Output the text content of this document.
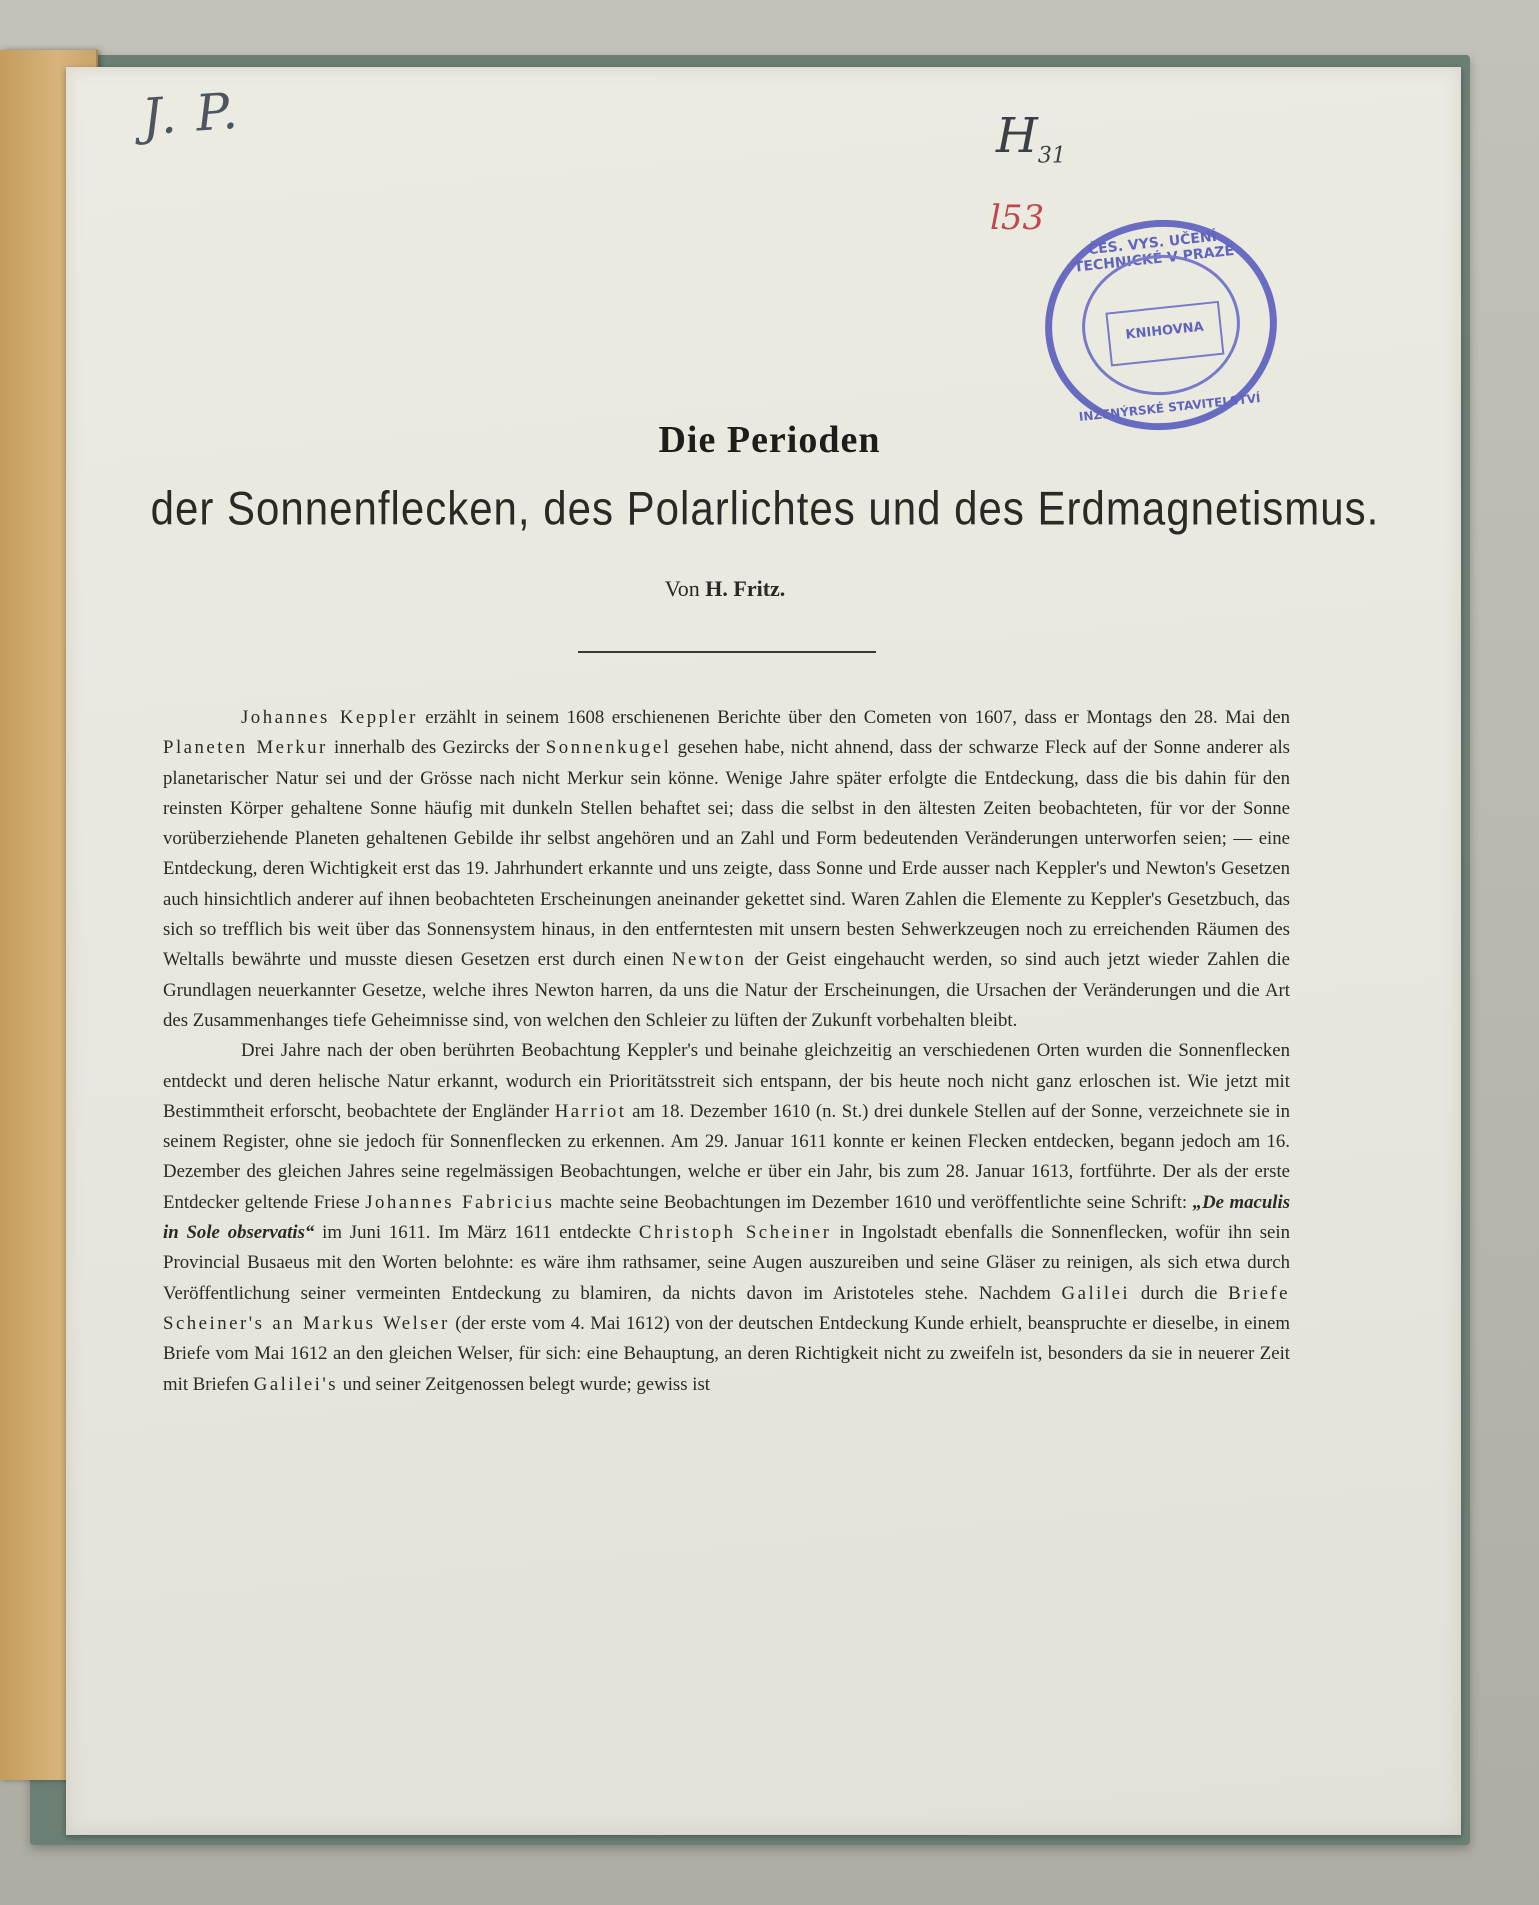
J. P.	$H_{31}$
l53
ČES. VYS. UČENÍ TECHNICKÉ V PRAZE
KNIHOVNA
INŽENÝRSKÉ STAVITELSTVÍ
Die Perioden
der Sonnenflecken, des Polarlichtes und des Erdmagnetismus.
Von H. Fritz.

Johannes Keppler erzählt in seinem 1608 erschienenen Berichte über den Cometen von 1607, dass er Montags den 28. Mai den Planeten Merkur innerhalb des Gezircks der Sonnenkugel gesehen habe, nicht ahnend, dass der schwarze Fleck auf der Sonne anderer als planetarischer Natur sei und der Grösse nach nicht Merkur sein könne. Wenige Jahre später erfolgte die Entdeckung, dass die bis dahin für den reinsten Körper gehaltene Sonne häufig mit dunkeln Stellen behaftet sei; dass die selbst in den ältesten Zeiten beobachteten, für vor der Sonne vorüberziehende Planeten gehaltenen Gebilde ihr selbst angehören und an Zahl und Form bedeutenden Veränderungen unterworfen seien; — eine Entdeckung, deren Wichtigkeit erst das 19. Jahrhundert erkannte und uns zeigte, dass Sonne und Erde ausser nach Keppler's und Newton's Gesetzen auch hinsichtlich anderer auf ihnen beobachteten Erscheinungen aneinander gekettet sind. Waren Zahlen die Elemente zu Keppler's Gesetzbuch, das sich so trefflich bis weit über das Sonnensystem hinaus, in den entferntesten mit unsern besten Sehwerkzeugen noch zu erreichenden Räumen des Weltalls bewährte und musste diesen Gesetzen erst durch einen Newton der Geist eingehaucht werden, so sind auch jetzt wieder Zahlen die Grundlagen neuerkannter Gesetze, welche ihres Newton harren, da uns die Natur der Erscheinungen, die Ursachen der Veränderungen und die Art des Zusammenhanges tiefe Geheimnisse sind, von welchen den Schleier zu lüften der Zukunft vorbehalten bleibt.

Drei Jahre nach der oben berührten Beobachtung Keppler's und beinahe gleichzeitig an verschiedenen Orten wurden die Sonnenflecken entdeckt und deren helische Natur erkannt, wodurch ein Prioritätsstreit sich entspann, der bis heute noch nicht ganz erloschen ist. Wie jetzt mit Bestimmtheit erforscht, beobachtete der Engländer Harriot am 18. Dezember 1610 (n. St.) drei dunkele Stellen auf der Sonne, verzeichnete sie in seinem Register, ohne sie jedoch für Sonnenflecken zu erkennen. Am 29. Januar 1611 konnte er keinen Flecken entdecken, begann jedoch am 16. Dezember des gleichen Jahres seine regelmässigen Beobachtungen, welche er über ein Jahr, bis zum 28. Januar 1613, fortführte. Der als der erste Entdecker geltende Friese Johannes Fabricius machte seine Beobachtungen im Dezember 1610 und veröffentlichte seine Schrift: „De maculis in Sole observatis“ im Juni 1611. Im März 1611 entdeckte Christoph Scheiner in Ingolstadt ebenfalls die Sonnenflecken, wofür ihn sein Provincial Busaeus mit den Worten belohnte: es wäre ihm rathsamer, seine Augen auszureiben und seine Gläser zu reinigen, als sich etwa durch Veröffentlichung seiner vermeinten Entdeckung zu blamiren, da nichts davon im Aristoteles stehe. Nachdem Galilei durch die Briefe Scheiner's an Markus Welser (der erste vom 4. Mai 1612) von der deutschen Entdeckung Kunde erhielt, beanspruchte er dieselbe, in einem Briefe vom Mai 1612 an den gleichen Welser, für sich: eine Behauptung, an deren Richtigkeit nicht zu zweifeln ist, besonders da sie in neuerer Zeit mit Briefen Galilei's und seiner Zeitgenossen belegt wurde; gewiss ist
